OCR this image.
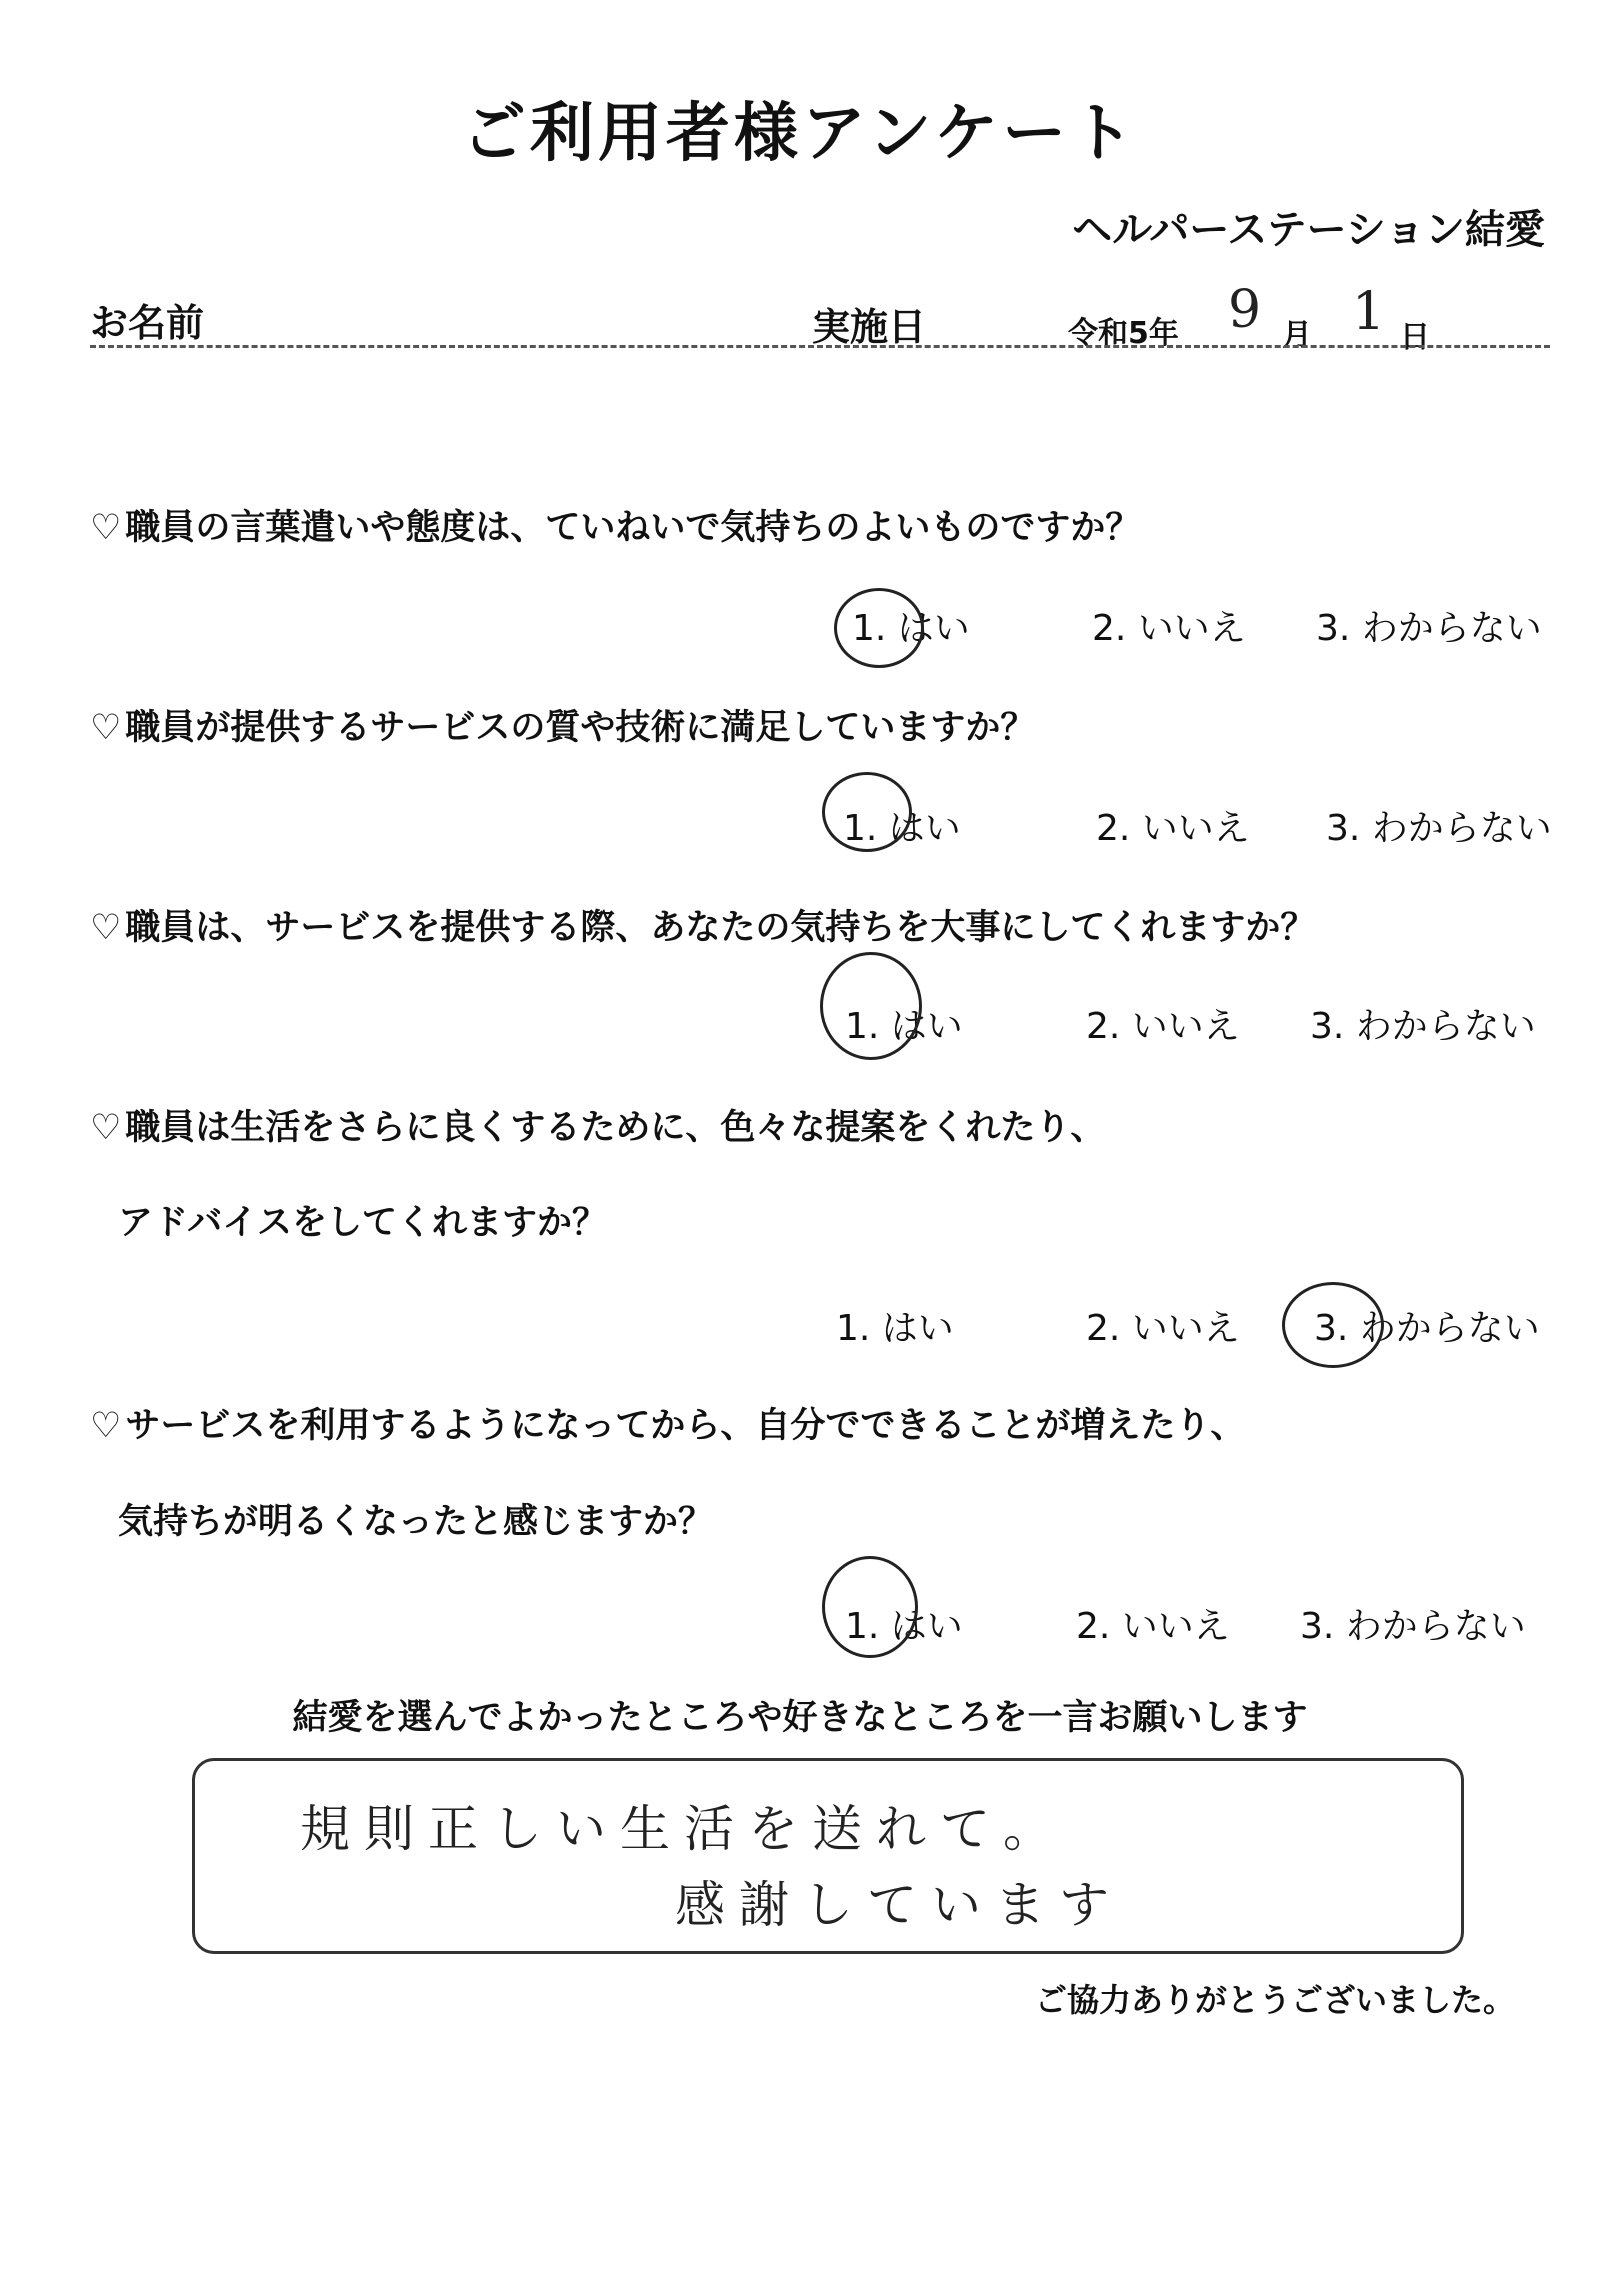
ご利用者様アンケート
ヘルパーステーション結愛
お名前	実施日	令和5年 9 月 1 日
♡ 職員の言葉遣いや態度は、ていねいで気持ちのよいものですか？
1. はい	2. いいえ 3. わからない
♡ 職員が提供するサービスの質や技術に満足していますか？
1. はい	2. いいえ 3. わからない
♡ 職員は、サービスを提供する際、あなたの気持ちを大事にしてくれますか？
1. はい	2. いいえ 3. わからない
♡ 職員は生活をさらに良くするために、色々な提案をくれたり、
アドバイスをしてくれますか？
1. はい	2. いいえ 3. わからない
♡ サービスを利用するようになってから、自分でできることが増えたり、
気持ちが明るくなったと感じますか？
1. はい	2. いいえ 3. わからない
結愛を選んでよかったところや好きなところを一言お願いします
規則正しい生活を送れて。
感謝しています
ご協力ありがとうございました。
